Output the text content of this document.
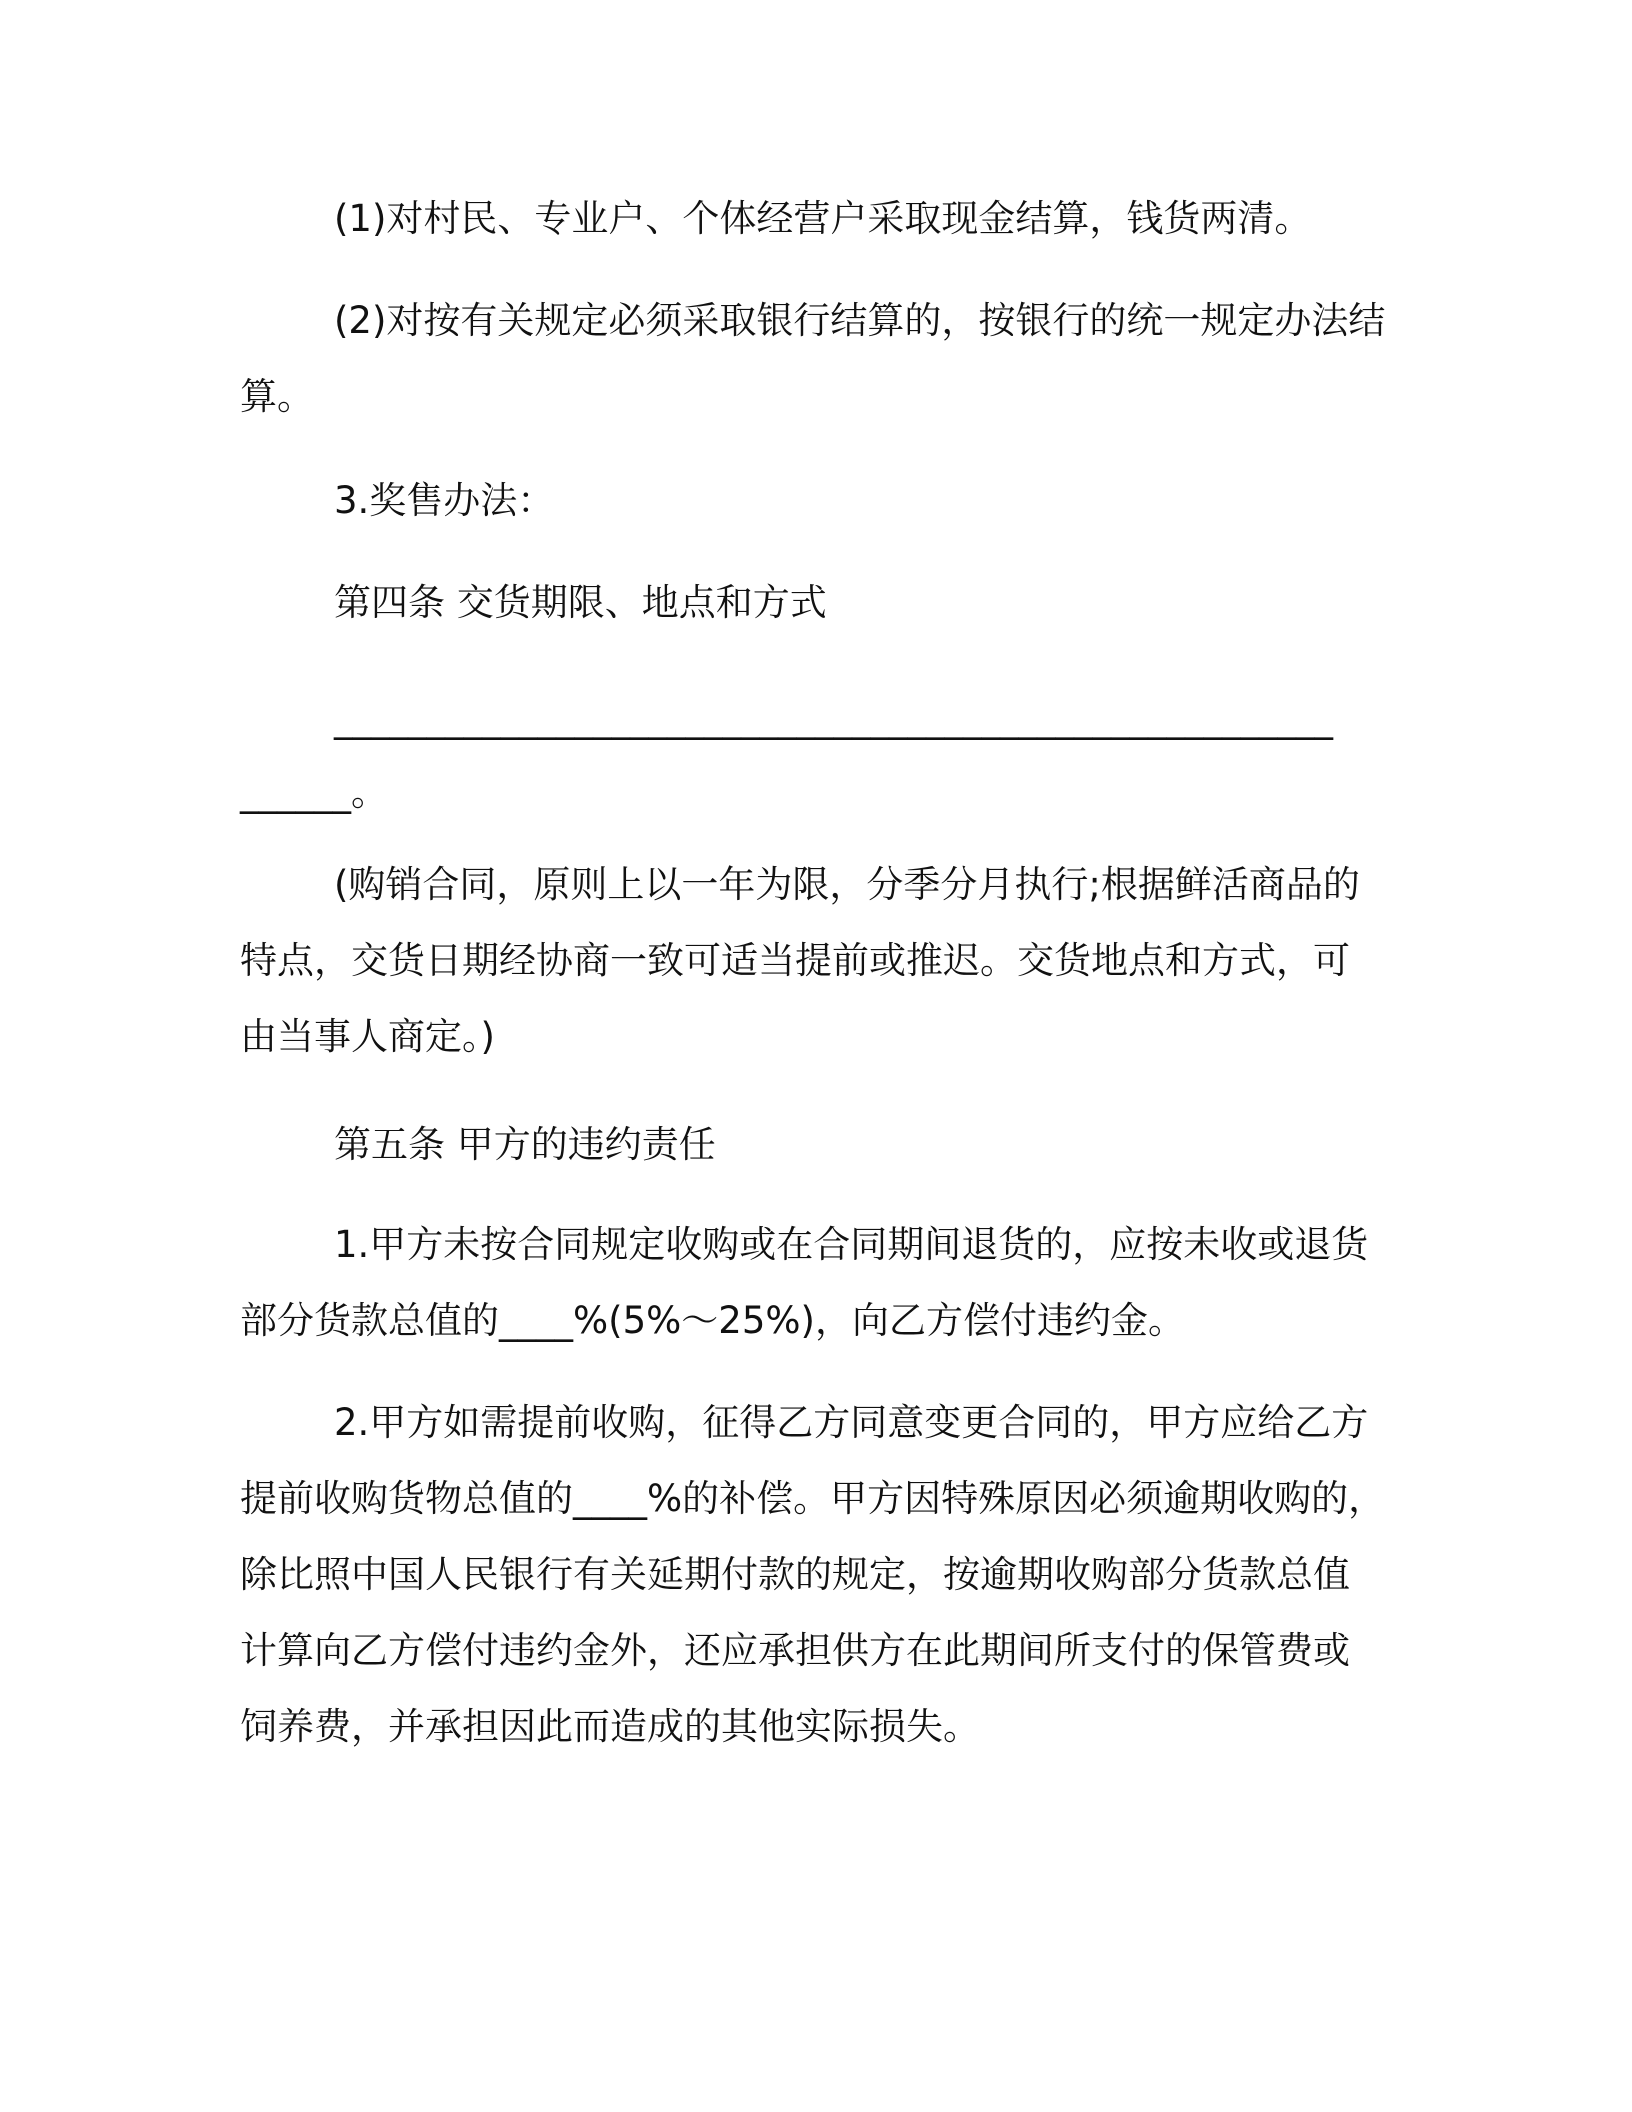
(1)对村民、专业户、个体经营户采取现金结算，钱货两清。
(2)对按有关规定必须采取银行结算的，按银行的统一规定办法结
算。
3.奖售办法：
第四条 交货期限、地点和方式
______________________________________________________
______。
(购销合同，原则上以一年为限，分季分月执行;根据鲜活商品的
特点，交货日期经协商一致可适当提前或推迟。交货地点和方式，可
由当事人商定。)
第五条 甲方的违约责任
1.甲方未按合同规定收购或在合同期间退货的，应按未收或退货
部分货款总值的____%(5%～25%)，向乙方偿付违约金。
2.甲方如需提前收购，征得乙方同意变更合同的，甲方应给乙方
提前收购货物总值的____%的补偿。甲方因特殊原因必须逾期收购的，
除比照中国人民银行有关延期付款的规定，按逾期收购部分货款总值
计算向乙方偿付违约金外，还应承担供方在此期间所支付的保管费或
饲养费，并承担因此而造成的其他实际损失。
